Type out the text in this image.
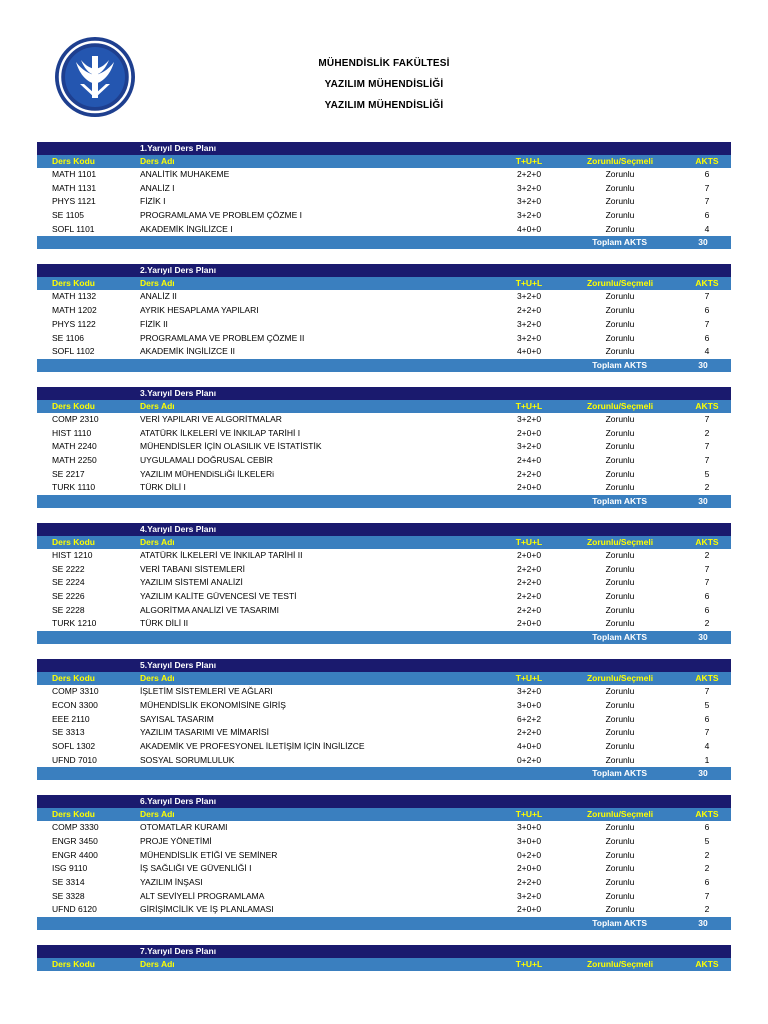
MÜHENDİSLİK FAKÜLTESİ
YAZILIM MÜHENDİSLİĞİ
YAZILIM MÜHENDİSLİĞİ
1.Yarıyıl Ders Planı
Ders Kodu	Ders Adı	T+U+L	Zorunlu/Seçmeli	AKTS
MATH 1101	ANALİTİK MUHAKEME	2+2+0	Zorunlu	6
MATH 1131	ANALİZ I	3+2+0	Zorunlu	7
PHYS 1121	FİZİK I	3+2+0	Zorunlu	7
SE 1105	PROGRAMLAMA VE PROBLEM ÇÖZME I	3+2+0	Zorunlu	6
SOFL 1101	AKADEMİK İNGİLİZCE I	4+0+0	Zorunlu	4
Toplam AKTS	30
2.Yarıyıl Ders Planı
Ders Kodu	Ders Adı	T+U+L	Zorunlu/Seçmeli	AKTS
MATH 1132	ANALİZ II	3+2+0	Zorunlu	7
MATH 1202	AYRIK HESAPLAMA YAPILARI	2+2+0	Zorunlu	6
PHYS 1122	FİZİK II	3+2+0	Zorunlu	7
SE 1106	PROGRAMLAMA VE PROBLEM ÇÖZME II	3+2+0	Zorunlu	6
SOFL 1102	AKADEMİK İNGİLİZCE II	4+0+0	Zorunlu	4
Toplam AKTS	30
3.Yarıyıl Ders Planı
Ders Kodu	Ders Adı	T+U+L	Zorunlu/Seçmeli	AKTS
COMP 2310	VERİ YAPILARI VE ALGORİTMALAR	3+2+0	Zorunlu	7
HIST 1110	ATATÜRK İLKELERİ VE İNKILAP TARİHİ I	2+0+0	Zorunlu	2
MATH 2240	MÜHENDİSLER İÇİN OLASILIK VE İSTATİSTİK	3+2+0	Zorunlu	7
MATH 2250	UYGULAMALI DOĞRUSAL CEBİR	2+4+0	Zorunlu	7
SE 2217	YAZILIM MÜHENDiSLiĞi İLKELERi	2+2+0	Zorunlu	5
TURK 1110	TÜRK DİLİ I	2+0+0	Zorunlu	2
Toplam AKTS	30
4.Yarıyıl Ders Planı
Ders Kodu	Ders Adı	T+U+L	Zorunlu/Seçmeli	AKTS
HIST 1210	ATATÜRK İLKELERİ VE İNKILAP TARİHİ II	2+0+0	Zorunlu	2
SE 2222	VERİ TABANI SİSTEMLERİ	2+2+0	Zorunlu	7
SE 2224	YAZILIM SİSTEMİ ANALİZİ	2+2+0	Zorunlu	7
SE 2226	YAZILIM KALİTE GÜVENCESİ VE TESTİ	2+2+0	Zorunlu	6
SE 2228	ALGORİTMA ANALİZİ VE TASARIMI	2+2+0	Zorunlu	6
TURK 1210	TÜRK DİLİ II	2+0+0	Zorunlu	2
Toplam AKTS	30
5.Yarıyıl Ders Planı
Ders Kodu	Ders Adı	T+U+L	Zorunlu/Seçmeli	AKTS
COMP 3310	İŞLETİM SİSTEMLERİ VE AĞLARI	3+2+0	Zorunlu	7
ECON 3300	MÜHENDİSLİK EKONOMİSİNE GİRİŞ	3+0+0	Zorunlu	5
EEE 2110	SAYISAL TASARIM	6+2+2	Zorunlu	6
SE 3313	YAZILIM TASARIMI VE MİMARİSİ	2+2+0	Zorunlu	7
SOFL 1302	AKADEMİK VE PROFESYONEL İLETİŞİM İÇİN İNGİLİZCE	4+0+0	Zorunlu	4
UFND 7010	SOSYAL SORUMLULUK	0+2+0	Zorunlu	1
Toplam AKTS	30
6.Yarıyıl Ders Planı
Ders Kodu	Ders Adı	T+U+L	Zorunlu/Seçmeli	AKTS
COMP 3330	OTOMATLAR KURAMI	3+0+0	Zorunlu	6
ENGR 3450	PROJE YÖNETİMİ	3+0+0	Zorunlu	5
ENGR 4400	MÜHENDİSLİK ETİĞİ VE SEMİNER	0+2+0	Zorunlu	2
ISG 9110	İŞ SAĞLIĞI VE GÜVENLİĞİ I	2+0+0	Zorunlu	2
SE 3314	YAZILIM İNŞASI	2+2+0	Zorunlu	6
SE 3328	ALT SEVİYELİ PROGRAMLAMA	3+2+0	Zorunlu	7
UFND 6120	GİRİŞİMCİLİK VE İŞ PLANLAMASI	2+0+0	Zorunlu	2
Toplam AKTS	30
7.Yarıyıl Ders Planı
Ders Kodu	Ders Adı	T+U+L	Zorunlu/Seçmeli	AKTS
